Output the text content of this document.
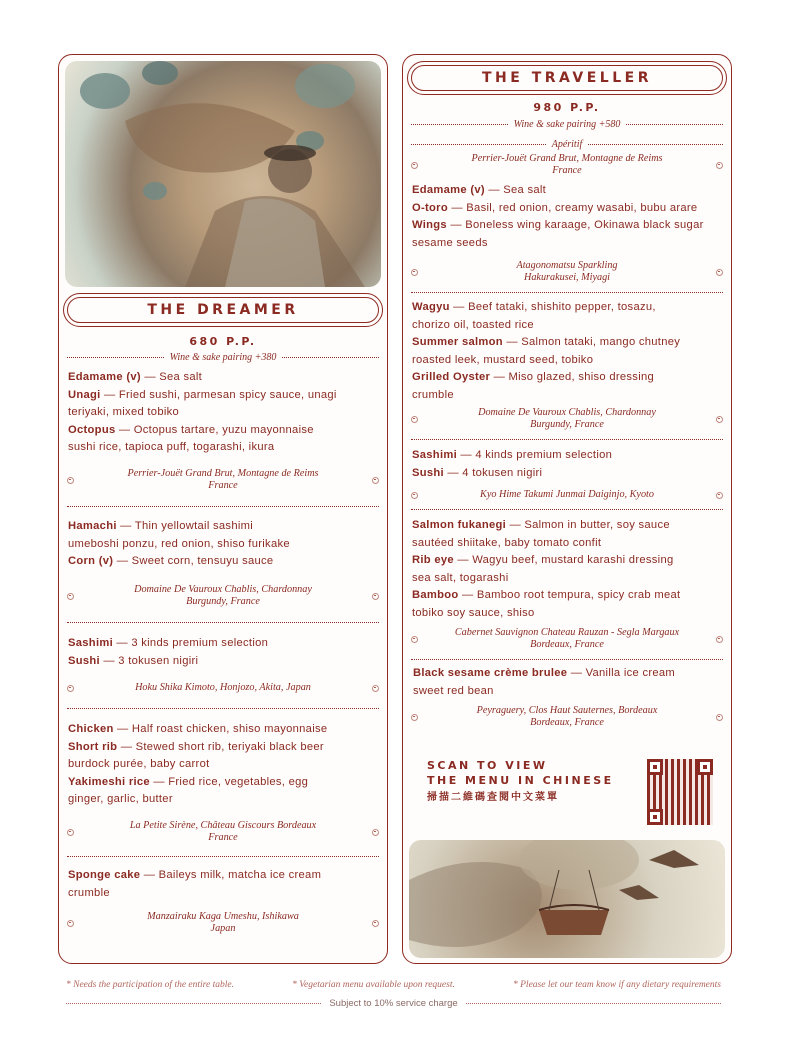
THE DREAMER
680 P.P.
Wine & sake pairing +380

Edamame (v) — Sea salt

Unagi — Fried sushi, parmesan spicy sauce, unagi

teriyaki, mixed tobiko

Octopus — Octopus tartare, yuzu mayonnaise

sushi rice, tapioca puff, togarashi, ikura

Perrier-Jouët Grand Brut, Montagne de Reims
France

Hamachi — Thin yellowtail sashimi

umeboshi ponzu, red onion, shiso furikake

Corn (v) — Sweet corn, tensuyu sauce

Domaine De Vauroux Chablis, Chardonnay
Burgundy, France

Sashimi — 3 kinds premium selection

Sushi — 3 tokusen nigiri

Hoku Shika Kimoto, Honjozo, Akita, Japan

Chicken — Half roast chicken, shiso mayonnaise

Short rib — Stewed short rib, teriyaki black beer

burdock purée, baby carrot

Yakimeshi rice — Fried rice, vegetables, egg

ginger, garlic, butter

La Petite Sirène, Château Giscours Bordeaux
France

Sponge cake — Baileys milk, matcha ice cream

crumble

Manzairaku Kaga Umeshu, Ishikawa
Japan
THE TRAVELLER
980 P.P.
Wine & sake pairing +580
Apéritif
Perrier-Jouët Grand Brut, Montagne de Reims
France

Edamame (v) — Sea salt

O-toro — Basil, red onion, creamy wasabi, bubu arare

Wings — Boneless wing karaage, Okinawa black sugar

sesame seeds

Atagonomatsu Sparkling
Hakurakusei, Miyagi

Wagyu — Beef tataki, shishito pepper, tosazu,

chorizo oil, toasted rice

Summer salmon — Salmon tataki, mango chutney

roasted leek, mustard seed, tobiko

Grilled Oyster — Miso glazed, shiso dressing

crumble

Domaine De Vauroux Chablis, Chardonnay
Burgundy, France

Sashimi — 4 kinds premium selection

Sushi — 4 tokusen nigiri

Kyo Hime Takumi Junmai Daiginjo, Kyoto

Salmon fukanegi — Salmon in butter, soy sauce

sautéed shiitake, baby tomato confit

Rib eye — Wagyu beef, mustard karashi dressing

sea salt, togarashi

Bamboo — Bamboo root tempura, spicy crab meat

tobiko soy sauce, shiso

Cabernet Sauvignon Chateau Rauzan - Segla Margaux
Bordeaux, France

Black sesame crème brulee — Vanilla ice cream

sweet red bean

Peyraguery, Clos Haut Sauternes, Bordeaux
Bordeaux, France
SCAN TO VIEW
THE MENU IN CHINESE
掃描二維碼查閱中文菜單
* Needs the participation of the entire table.	* Vegetarian menu available upon request.	* Please let our team know if any dietary requirements
Subject to 10% service charge
